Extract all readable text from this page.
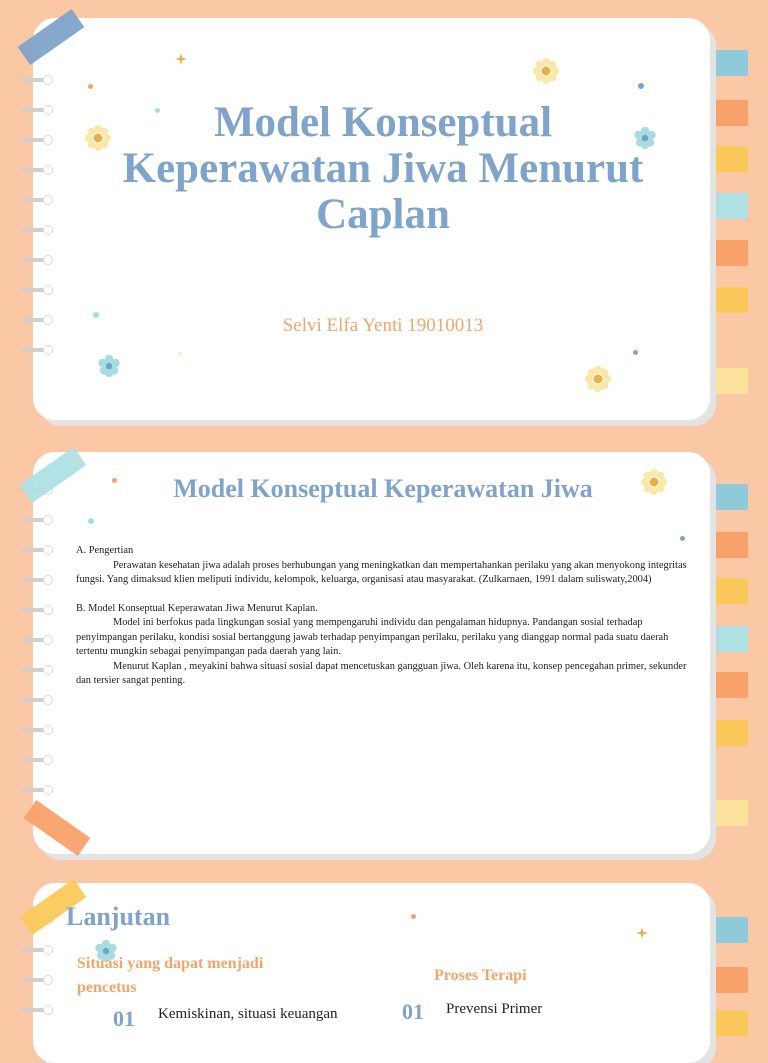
Model Konseptual
Keperawatan Jiwa Menurut
Caplan
Selvi Elfa Yenti 19010013
Model Konseptual Keperawatan Jiwa

A. Pengertian

Perawatan kesehatan jiwa adalah proses berhubungan yang meningkatkan dan mempertahankan perilaku yang akan menyokong integritas fungsi. Yang dimaksud klien meliputi individu, kelompok, keluarga, organisasi atau masyarakat. (Zulkarnaen, 1991 dalam suliswaty,2004)

B. Model Konseptual Keperawatan Jiwa Menurut Kaplan.

Model ini berfokus pada lingkungan sosial yang mempengaruhi individu dan pengalaman hidupnya. Pandangan sosial terhadap penyimpangan perilaku, kondisi sosial bertanggung jawab terhadap penyimpangan perilaku, perilaku yang dianggap normal pada suatu daerah tertentu mungkin sebagai penyimpangan pada daerah yang lain.

Menurut Kaplan , meyakini bahwa situasi sosial dapat mencetuskan gangguan jiwa. Oleh karena itu, konsep pencegahan primer, sekunder dan tersier sangat penting.

Lanjutan
Situasi yang dapat menjadi
pencetus
01 Kemiskinan, situasi keuangan
Proses Terapi
01 Prevensi Primer
